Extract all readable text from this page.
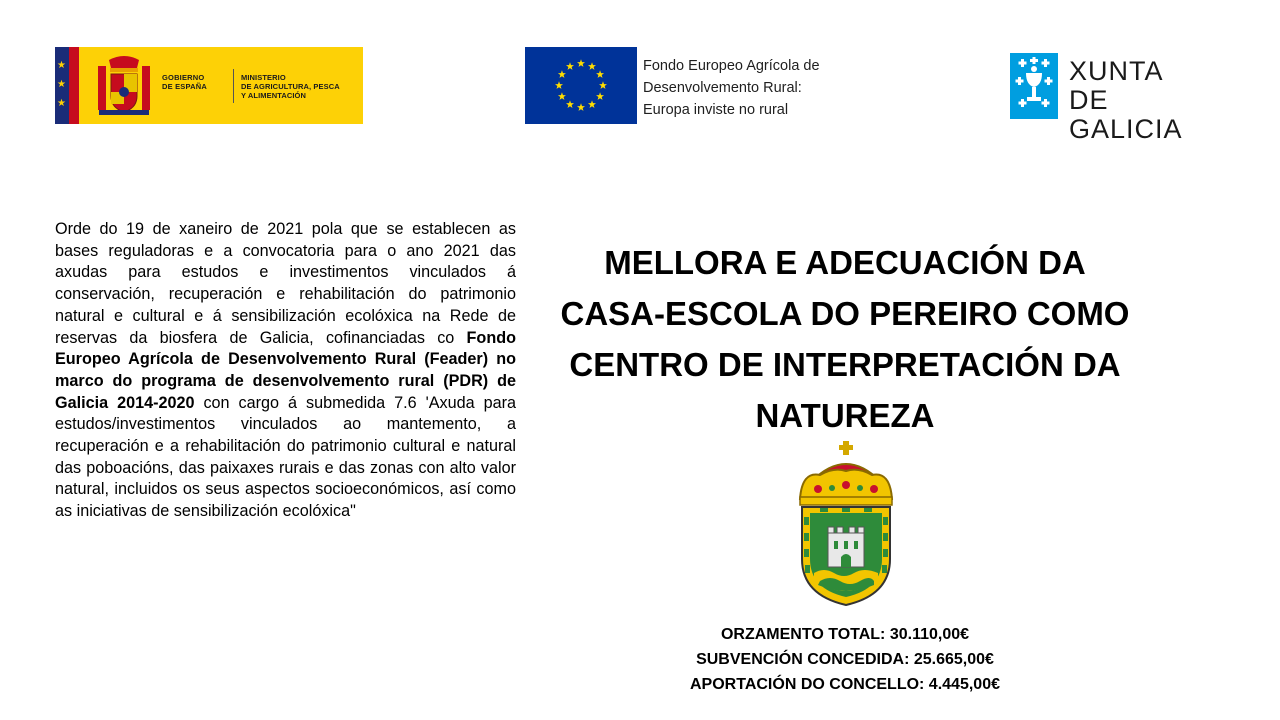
★
★
★
GOBIERNO
DE ESPAÑA
MINISTERIO
DE AGRICULTURA, PESCA
Y ALIMENTACIÓN
Fondo Europeo Agrícola de
Desenvolvemento Rural:
Europa inviste no rural
XUNTA
DE GALICIA
Orde do 19 de xaneiro de 2021 pola que se establecen as bases reguladoras e a convocatoria para o ano 2021 das axudas para estudos e investimentos vinculados á conservación, recuperación e rehabilitación do patrimonio natural e cultural e á sensibilización ecolóxica na Rede de reservas da biosfera de Galicia, cofinanciadas co Fondo Europeo Agrícola de Desenvolvemento Rural (Feader) no marco do programa de desenvolvemento rural (PDR) de Galicia 2014-2020 con cargo á submedida 7.6 'Axuda para estudos/investimentos vinculados ao mantemento, a recuperación e a rehabilitación do patrimonio cultural e natural das poboacións, das paixaxes rurais e das zonas con alto valor natural, incluidos os seus aspectos socioeconómicos, así como as iniciativas de sensibilización ecolóxica"
MELLORA E ADECUACIÓN DA
CASA-ESCOLA DO PEREIRO COMO
CENTRO DE INTERPRETACIÓN DA
NATUREZA
ORZAMENTO TOTAL: 30.110,00€
SUBVENCIÓN CONCEDIDA: 25.665,00€
APORTACIÓN DO CONCELLO: 4.445,00€
